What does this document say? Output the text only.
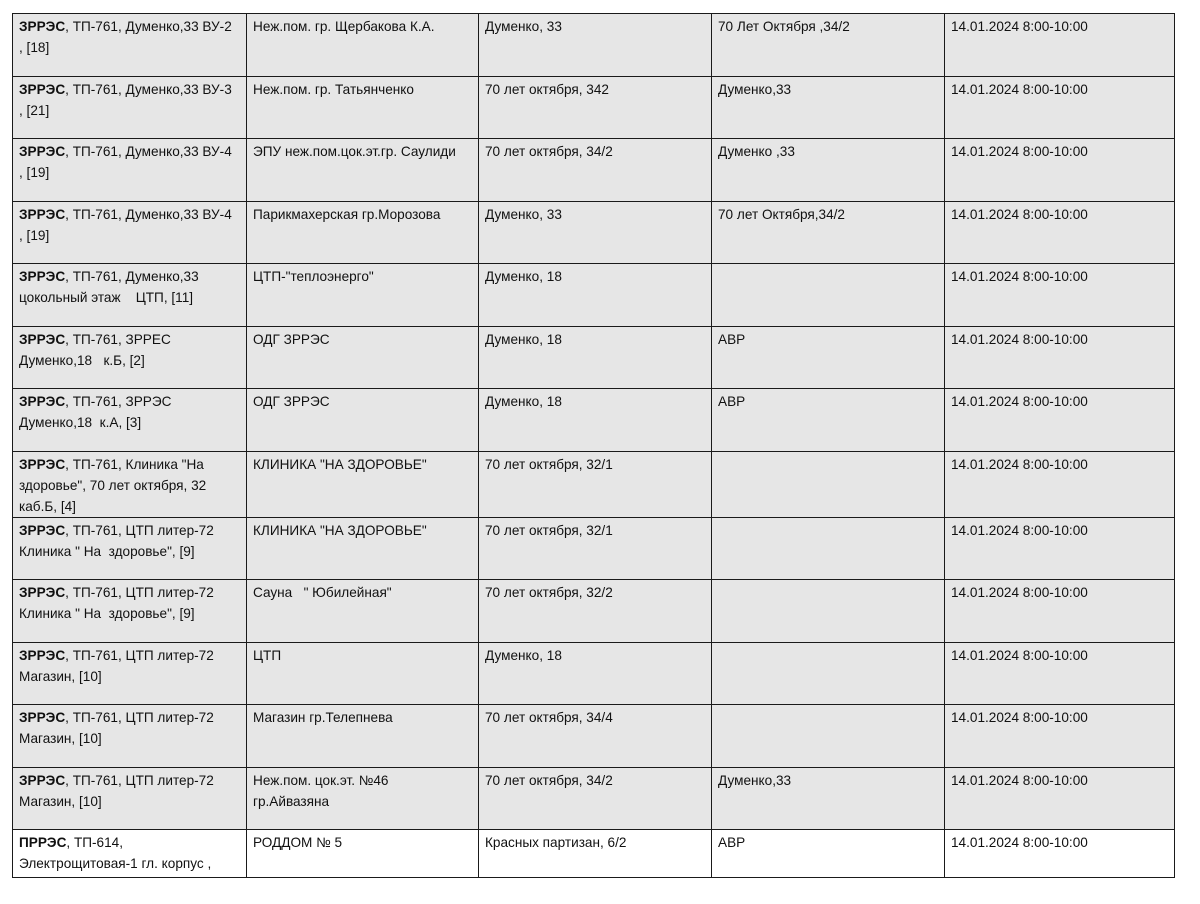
ЗРРЭС, ТП-761, Думенко,33 ВУ-2
, [18]	Неж.пом. гр. Щербакова К.А.	Думенко, 33	70 Лет Октября ,34/2	14.01.2024 8:00-10:00
ЗРРЭС, ТП-761, Думенко,33 ВУ-3
, [21]	Неж.пом. гр. Татьянченко	70 лет октября, 342	Думенко,33	14.01.2024 8:00-10:00
ЗРРЭС, ТП-761, Думенко,33 ВУ-4
, [19]	ЭПУ неж.пом.цок.эт.гр. Саулиди	70 лет октября, 34/2	Думенко ,33	14.01.2024 8:00-10:00
ЗРРЭС, ТП-761, Думенко,33 ВУ-4
, [19]	Парикмахерская гр.Морозова	Думенко, 33	70 лет Октября,34/2	14.01.2024 8:00-10:00
ЗРРЭС, ТП-761, Думенко,33
цокольный этаж    ЦТП, [11]	ЦТП-"теплоэнерго"	Думенко, 18		14.01.2024 8:00-10:00
ЗРРЭС, ТП-761, ЗРРЕС
Думенко,18   к.Б, [2]	ОДГ ЗРРЭС	Думенко, 18	АВР	14.01.2024 8:00-10:00
ЗРРЭС, ТП-761, ЗРРЭС
Думенко,18  к.А, [3]	ОДГ ЗРРЭС	Думенко, 18	АВР	14.01.2024 8:00-10:00
ЗРРЭС, ТП-761, Клиника "На
здоровье", 70 лет октября, 32
каб.Б, [4]	КЛИНИКА "НА ЗДОРОВЬЕ"	70 лет октября, 32/1		14.01.2024 8:00-10:00
ЗРРЭС, ТП-761, ЦТП литер-72
Клиника " На  здоровье", [9]	КЛИНИКА "НА ЗДОРОВЬЕ"	70 лет октября, 32/1		14.01.2024 8:00-10:00
ЗРРЭС, ТП-761, ЦТП литер-72
Клиника " На  здоровье", [9]	Сауна   " Юбилейная"	70 лет октября, 32/2		14.01.2024 8:00-10:00
ЗРРЭС, ТП-761, ЦТП литер-72
Магазин, [10]	ЦТП	Думенко, 18		14.01.2024 8:00-10:00
ЗРРЭС, ТП-761, ЦТП литер-72
Магазин, [10]	Магазин гр.Телепнева	70 лет октября, 34/4		14.01.2024 8:00-10:00
ЗРРЭС, ТП-761, ЦТП литер-72
Магазин, [10]	Неж.пом. цок.эт. №46
гр.Айвазяна	70 лет октября, 34/2	Думенко,33	14.01.2024 8:00-10:00
ПРРЭС, ТП-614,
Электрощитовая-1 гл. корпус ,	РОДДОМ № 5	Красных партизан, 6/2	АВР	14.01.2024 8:00-10:00
